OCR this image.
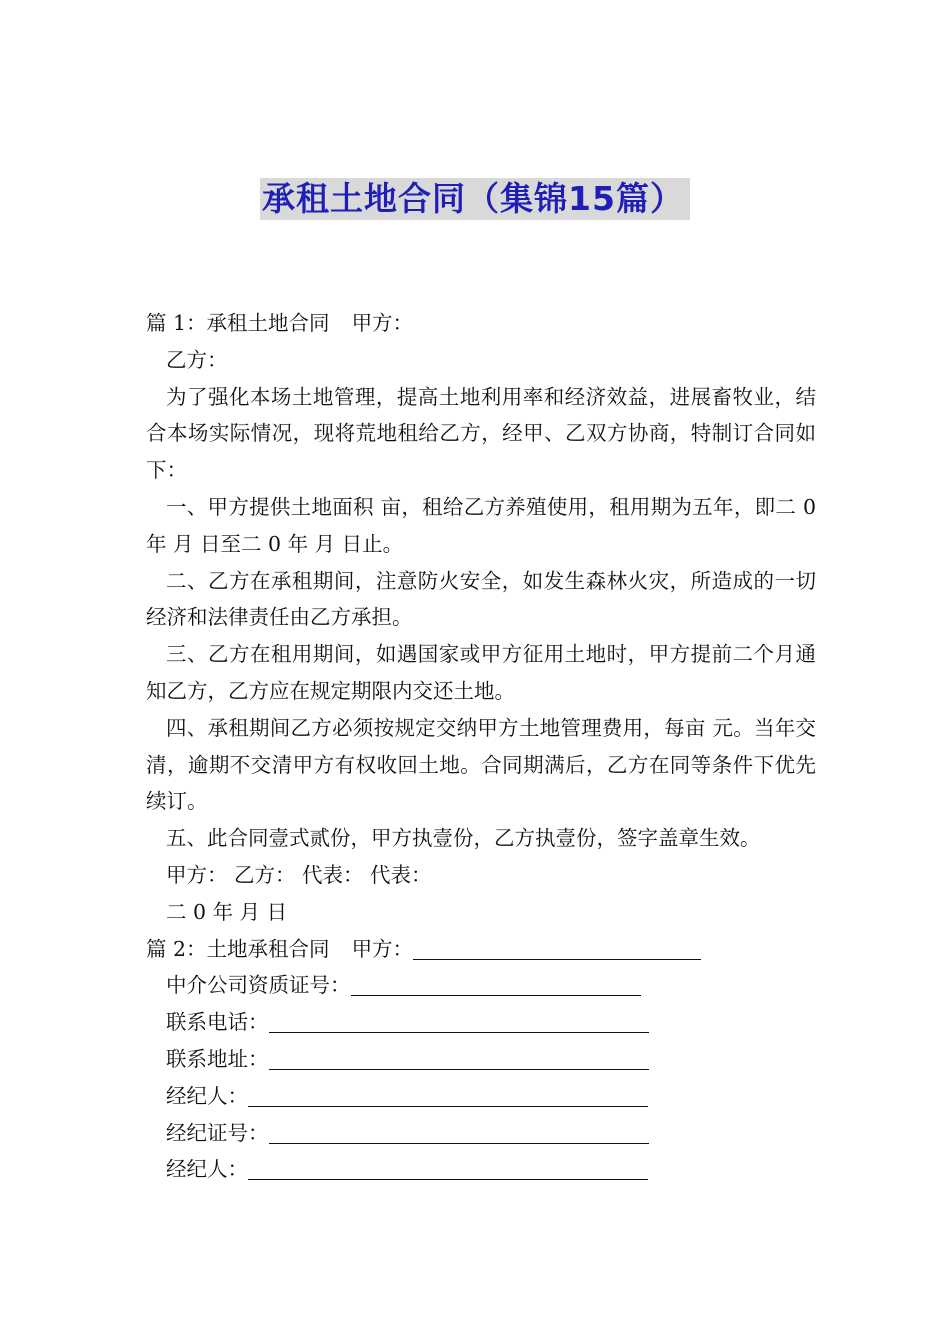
承租土地合同（集锦15篇）
篇 1：承租土地合同 甲方：
乙方：
为了强化本场土地管理，提高土地利用率和经济效益，进展畜牧业，结合本场实际情况，现将荒地租给乙方，经甲、乙双方协商，特制订合同如下：
一、甲方提供土地面积 亩，租给乙方养殖使用，租用期为五年，即二 0 年 月 日至二 0 年 月 日止。
二、乙方在承租期间，注意防火安全，如发生森林火灾，所造成的一切经济和法律责任由乙方承担。
三、乙方在租用期间，如遇国家或甲方征用土地时，甲方提前二个月通知乙方，乙方应在规定期限内交还土地。
四、承租期间乙方必须按规定交纳甲方土地管理费用，每亩 元。当年交清，逾期不交清甲方有权收回土地。合同期满后，乙方在同等条件下优先续订。
五、此合同壹式贰份，甲方执壹份，乙方执壹份，签字盖章生效。
甲方： 乙方： 代表： 代表：
二 0 年 月 日
篇 2：土地承租合同 甲方：
中介公司资质证号：
联系电话：
联系地址：
经纪人：
经纪证号：
经纪人：
